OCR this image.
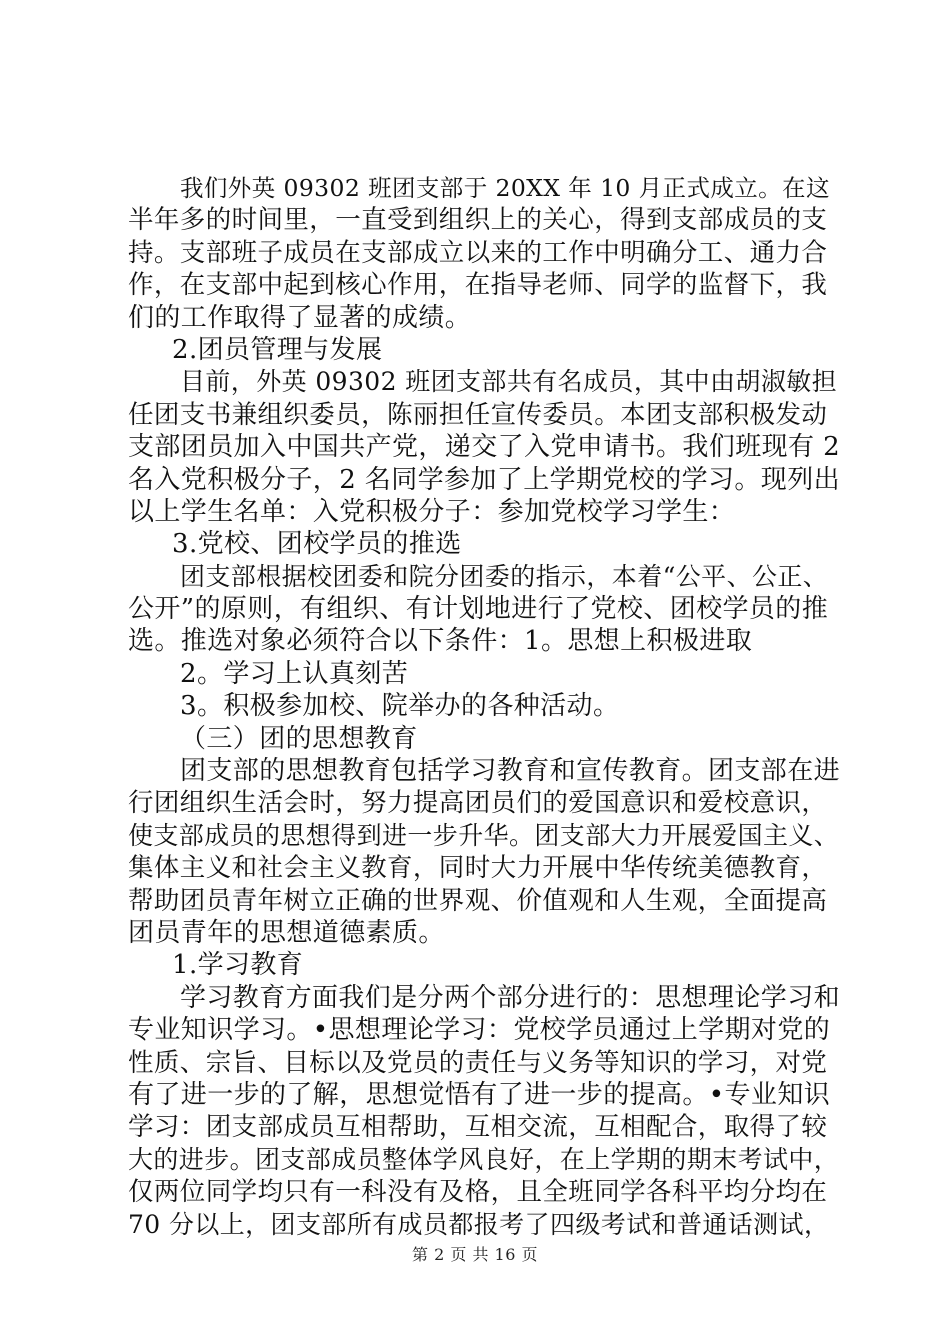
我们外英 09302 班团支部于 20XX 年 10 月正式成立。在这
半年多的时间里，一直受到组织上的关心，得到支部成员的支
持。支部班子成员在支部成立以来的工作中明确分工、通力合
作，在支部中起到核心作用，在指导老师、同学的监督下，我
们的工作取得了显著的成绩。
2.团员管理与发展
目前，外英 09302 班团支部共有名成员，其中由胡淑敏担
任团支书兼组织委员，陈丽担任宣传委员。本团支部积极发动
支部团员加入中国共产党，递交了入党申请书。我们班现有 2
名入党积极分子，2 名同学参加了上学期党校的学习。现列出
以上学生名单：入党积极分子：参加党校学习学生：
3.党校、团校学员的推选
团支部根据校团委和院分团委的指示，本着“公平、公正、
公开”的原则，有组织、有计划地进行了党校、团校学员的推
选。推选对象必须符合以下条件：1。思想上积极进取
2。学习上认真刻苦
3。积极参加校、院举办的各种活动。
（三）团的思想教育
团支部的思想教育包括学习教育和宣传教育。团支部在进
行团组织生活会时，努力提高团员们的爱国意识和爱校意识，
使支部成员的思想得到进一步升华。团支部大力开展爱国主义、
集体主义和社会主义教育，同时大力开展中华传统美德教育，
帮助团员青年树立正确的世界观、价值观和人生观，全面提高
团员青年的思想道德素质。
1.学习教育
学习教育方面我们是分两个部分进行的：思想理论学习和
专业知识学习。•思想理论学习：党校学员通过上学期对党的
性质、宗旨、目标以及党员的责任与义务等知识的学习，对党
有了进一步的了解，思想觉悟有了进一步的提高。•专业知识
学习：团支部成员互相帮助，互相交流，互相配合，取得了较
大的进步。团支部成员整体学风良好，在上学期的期末考试中，
仅两位同学均只有一科没有及格，且全班同学各科平均分均在
70 分以上，团支部所有成员都报考了四级考试和普通话测试，
第 2 页 共 16 页
